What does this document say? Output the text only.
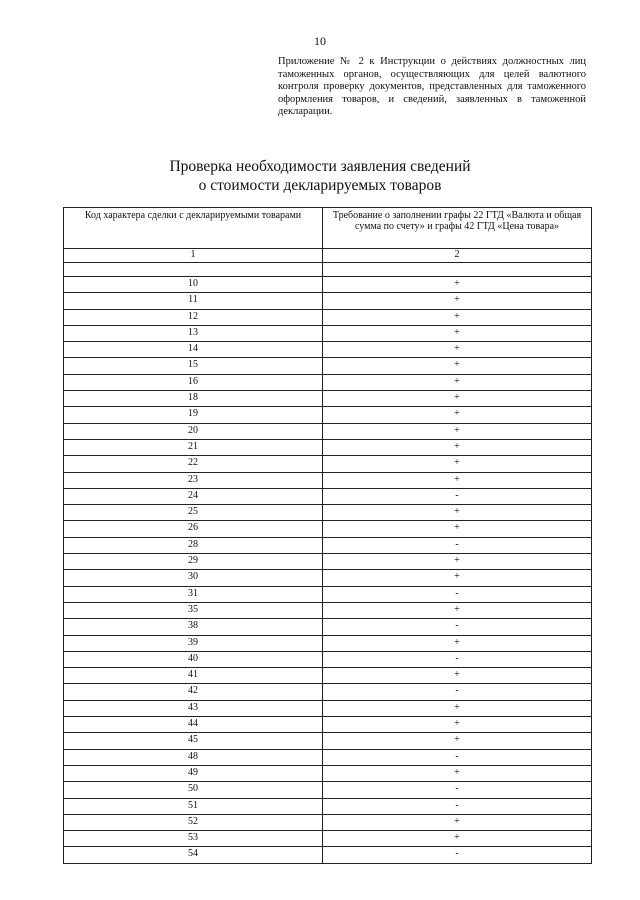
10
Приложение № 2 к Инструкции о действиях должностных лиц таможенных органов, осуществляющих для целей валютного контроля проверку документов, представленных для таможенного оформления товаров, и сведений, заявленных в таможенной декларации.
Проверка необходимости заявления сведений
о стоимости декларируемых товаров
Код характера сделки с декларируемыми товарами	Требование о заполнении графы 22 ГТД «Валюта и общая сумма по счету» и графы 42 ГТД «Цена товара»
1	2

10	+
11	+
12	+
13	+
14	+
15	+
16	+
18	+
19	+
20	+
21	+
22	+
23	+
24	-
25	+
26	+
28	-
29	+
30	+
31	-
35	+
38	-
39	+
40	-
41	+
42	-
43	+
44	+
45	+
48	-
49	+
50	-
51	-
52	+
53	+
54	-
